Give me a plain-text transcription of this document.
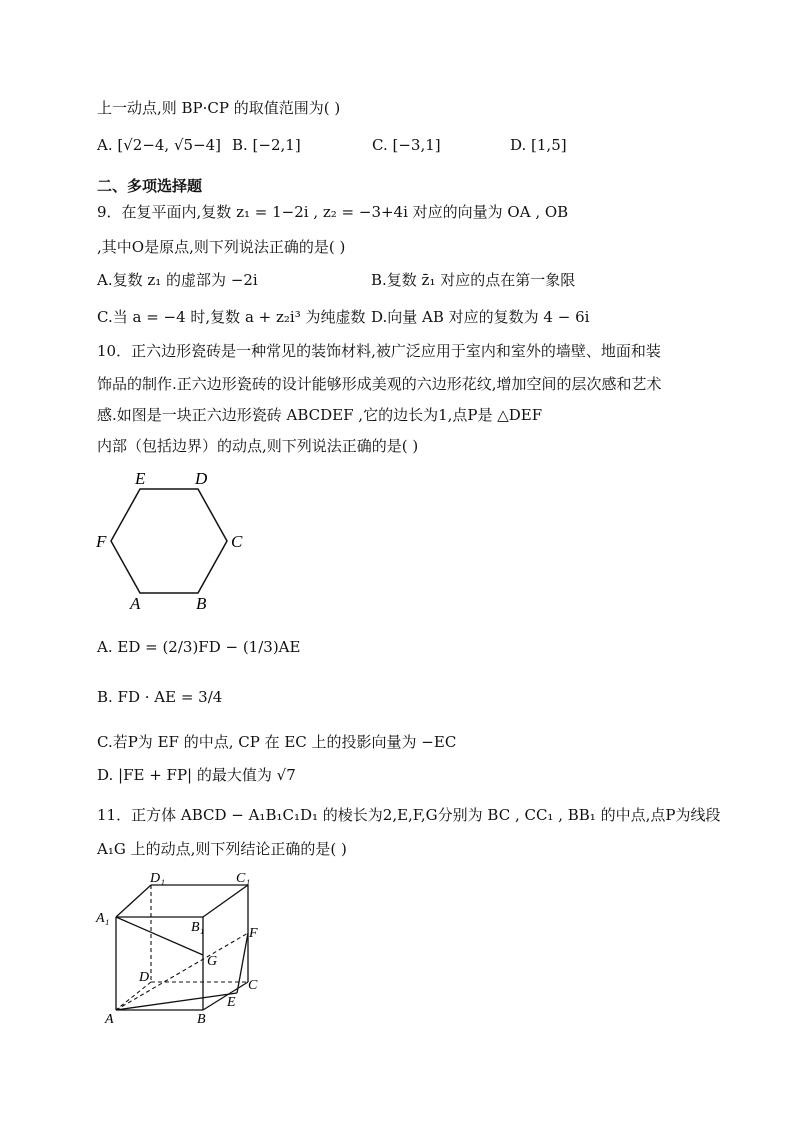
上一动点,则 BP·CP 的取值范围为( )
A. [√2−4, √5−4] B. [−2,1]	C. [−3,1]	D. [1,5]
二、多项选择题
9．在复平面内,复数 z₁ = 1−2i , z₂ = −3+4i 对应的向量为 OA , OB
,其中O是原点,则下列说法正确的是( )
A.复数 z₁ 的虚部为 −2i	B.复数 z̄₁ 对应的点在第一象限
C.当 a = −4 时,复数 a + z₂i³ 为纯虚数 D.向量 AB 对应的复数为 4 − 6i
10．正六边形瓷砖是一种常见的装饰材料,被广泛应用于室内和室外的墙壁、地面和装
饰品的制作.正六边形瓷砖的设计能够形成美观的六边形花纹,增加空间的层次感和艺术
感.如图是一块正六边形瓷砖 ABCDEF ,它的边长为1,点P是 △DEF
内部（包括边界）的动点,则下列说法正确的是( )
E	D
C
B
A
F
A. ED = (2/3)FD − (1/3)AE
B. FD · AE = 3/4
C.若P为 EF 的中点, CP 在 EC 上的投影向量为 −EC
D. |FE + FP| 的最大值为 √7
11．正方体 ABCD − A₁B₁C₁D₁ 的棱长为2,E,F,G分别为 BC , CC₁ , BB₁ 的中点,点P为线段
A₁G 上的动点,则下列结论正确的是( )
D₁	C₁
A₁
B₁	F
G
D
C
E
A	B
